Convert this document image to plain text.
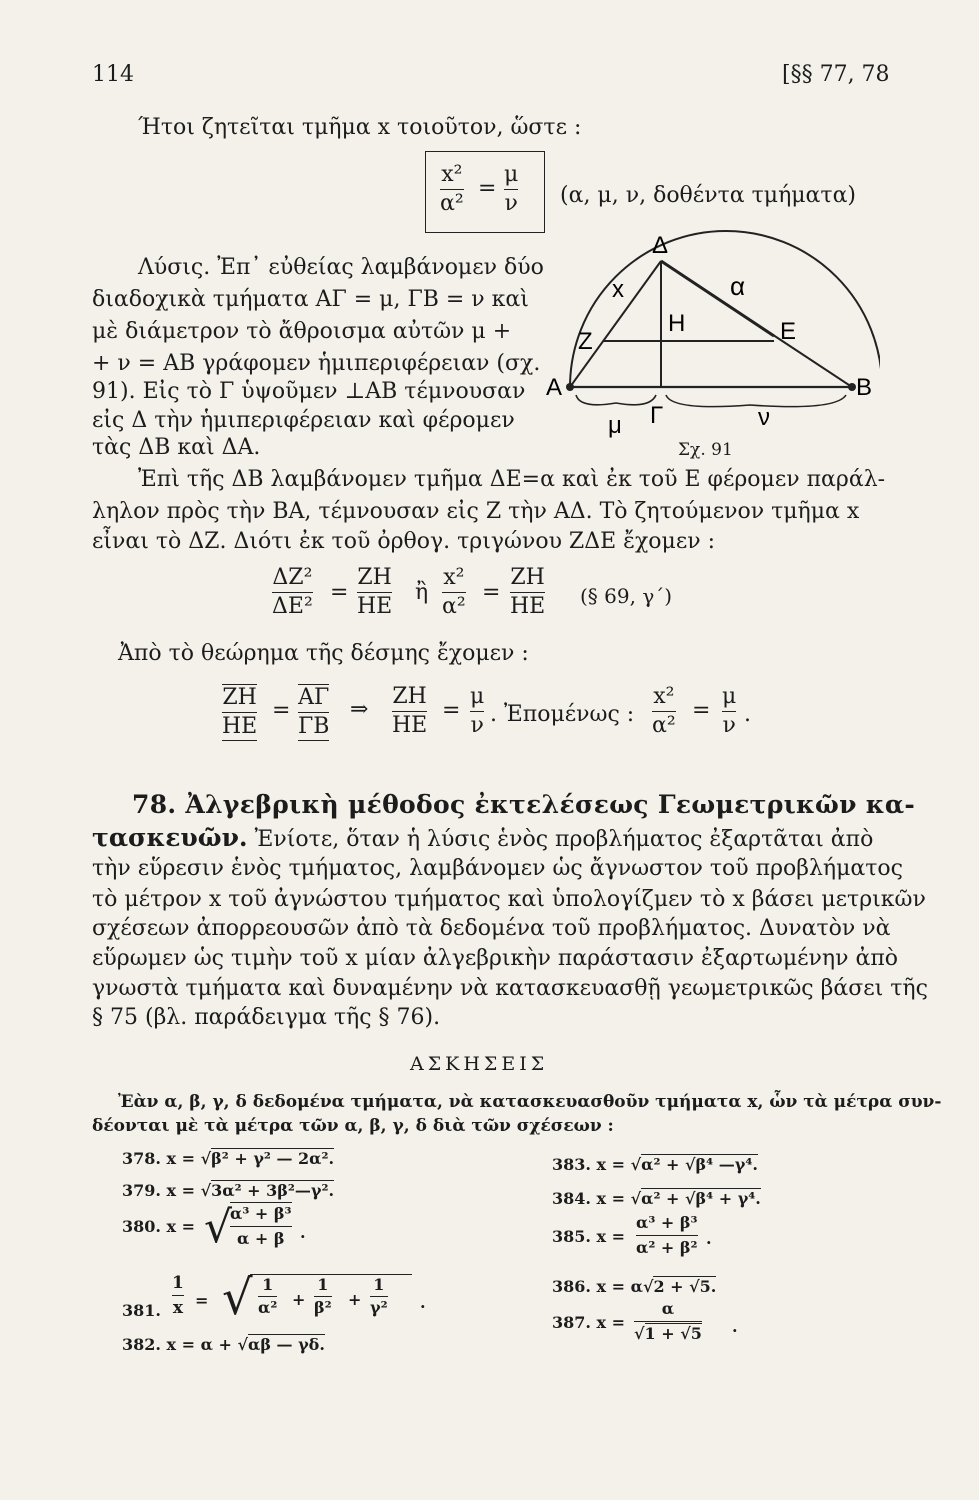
114	[§§ 77, 78
Ήτοι ζητεῖται τμῆμα x τοιοῦτον, ὥστε :
x²
α²
=
μ
ν (α, μ, ν, δοθέντα τμήματα)
Λύσις. Ἐπ᾿ εὐθείας λαμβάνομεν δύο
διαδοχικὰ τμήματα ΑΓ = μ, ΓΒ = ν καὶ
μὲ διάμετρον τὸ ἄθροισμα αὐτῶν μ +
+ ν = ΑΒ γράφομεν ἡμιπεριφέρειαν (σχ.
91). Εἰς τὸ Γ ὑψοῦμεν ⊥ΑΒ τέμνουσαν
εἰς Δ τὴν ἡμιπεριφέρειαν καὶ φέρομεν
τὰς ΔΒ καὶ ΔΑ.
Δ
x	α
Ζ
Η	Ε
Α	Β
μ Γ	ν
Σχ. 91
Ἐπὶ τῆς ΔΒ λαμβάνομεν τμῆμα ΔΕ=α καὶ ἐκ τοῦ Ε φέρομεν παράλ-
ληλον πρὸς τὴν ΒΑ, τέμνουσαν εἰς Ζ τὴν ΑΔ. Τὸ ζητούμενον τμῆμα x
εἶναι τὸ ΔΖ. Διότι ἐκ τοῦ ὀρθογ. τριγώνου ΖΔΕ ἔχομεν :
ΔΖ²
ΔΕ²
=
ΖΗ
ΗΕ
ἢ
x²
α²
=
ΖΗ
ΗΕ (§ 69, γ΄)
Ἀπὸ τὸ θεώρημα τῆς δέσμης ἔχομεν :
ΖΗ
ΗΕ
=
ΑΓ
ΓΒ
⇒
ΖΗ
ΗΕ
=
μ
ν . Ἐπομένως :
x²
α²
=
μ
ν .
78. Ἀλγεβρικὴ μέθοδος ἐκτελέσεως Γεωμετρικῶν κα-
τασκευῶν. Ἐνίοτε, ὅταν ἡ λύσις ἑνὸς προβλήματος ἐξαρτᾶται ἀπὸ
τὴν εὕρεσιν ἑνὸς τμήματος, λαμβάνομεν ὡς ἄγνωστον τοῦ προβλήματος
τὸ μέτρον x τοῦ ἀγνώστου τμήματος καὶ ὑπολογίζμεν τὸ x βάσει μετρικῶν
σχέσεων ἀπορρεουσῶν ἀπὸ τὰ δεδομένα τοῦ προβλήματος. Δυνατὸν νὰ
εὕρωμεν ὡς τιμὴν τοῦ x μίαν ἀλγεβρικὴν παράστασιν ἐξαρτωμένην ἀπὸ
γνωστὰ τμήματα καὶ δυναμένην νὰ κατασκευασθῇ γεωμετρικῶς βάσει τῆς
§ 75 (βλ. παράδειγμα τῆς § 76).
ΑΣΚΗΣΕΙΣ
Ἐὰν α, β, γ, δ δεδομένα τμήματα, νὰ κατασκευασθοῦν τμήματα x, ὧν τὰ μέτρα συν-
δέονται μὲ τὰ μέτρα τῶν α, β, γ, δ διὰ τῶν σχέσεων :
378. x = √β² + γ² — 2α².
379. x = √3α² + 3β²—γ².
380. x = √
α³ + β³
α + β .
381.
1
x = √ 1
α² +
1
β² +
1
γ² .
382. x = α + √αβ — γδ.
383. x = √α² + √β⁴ —γ⁴.
384. x = √α² + √β⁴ + γ⁴.
385. x =
α³ + β³
α² + β² .
386. x = α√2 + √5.
387. x =
α
√1 + √5 .
